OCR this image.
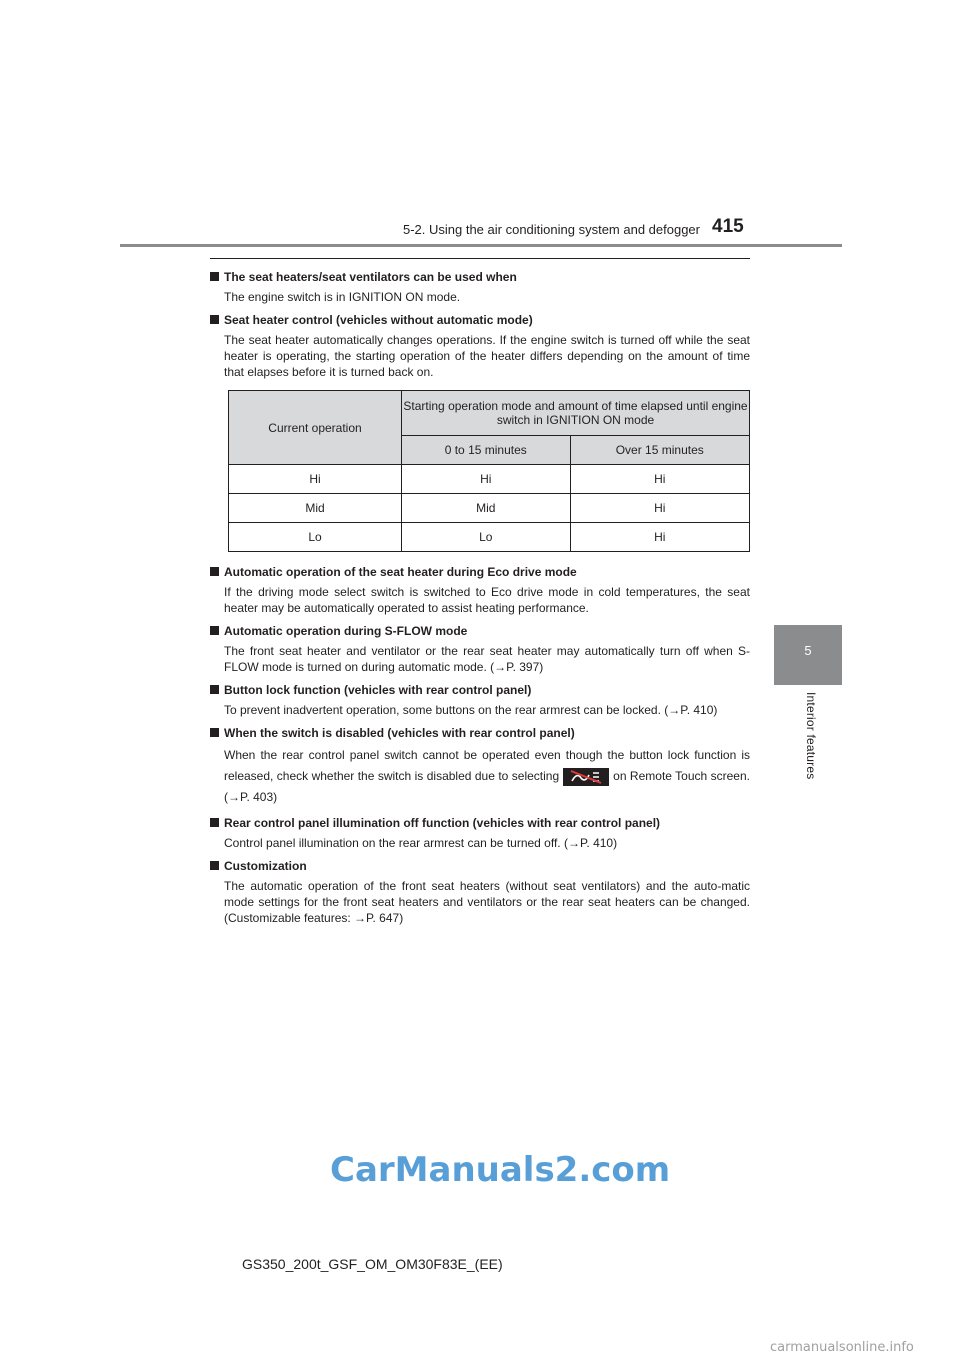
5-2. Using the air conditioning system and defogger 415
5
Interior features
The seat heaters/seat ventilators can be used when
The engine switch is in IGNITION ON mode.
Seat heater control (vehicles without automatic mode)
The seat heater automatically changes operations. If the engine switch is turned off while the seat heater is operating, the starting operation of the heater differs depending on the amount of time that elapses before it is turned back on.
Current operation	Starting operation mode and amount of time elapsed until engine switch in IGNITION ON mode	
	0 to 15 minutes	Over 15 minutes
Hi	Hi	Hi
Mid	Mid	Hi
Lo	Lo	Hi
Automatic operation of the seat heater during Eco drive mode
If the driving mode select switch is switched to Eco drive mode in cold temperatures, the seat heater may be automatically operated to assist heating performance.
Automatic operation during S-FLOW mode
The front seat heater and ventilator or the rear seat heater may automatically turn off when S-FLOW mode is turned on during automatic mode. (→P. 397)
Button lock function (vehicles with rear control panel)
To prevent inadvertent operation, some buttons on the rear armrest can be locked. (→P. 410)
When the switch is disabled (vehicles with rear control panel)
When the rear control panel switch cannot be operated even though the button lock function is released, check whether the switch is disabled due to selecting	on Remote Touch screen. (→P. 403)
Rear control panel illumination off function (vehicles with rear control panel)
Control panel illumination on the rear armrest can be turned off. (→P. 410)
Customization
The automatic operation of the front seat heaters (without seat ventilators) and the auto-matic mode settings for the front seat heaters and ventilators or the rear seat heaters can be changed. (Customizable features: →P. 647)
CarManuals2.com
GS350_200t_GSF_OM_OM30F83E_(EE)
carmanualsonline.info
